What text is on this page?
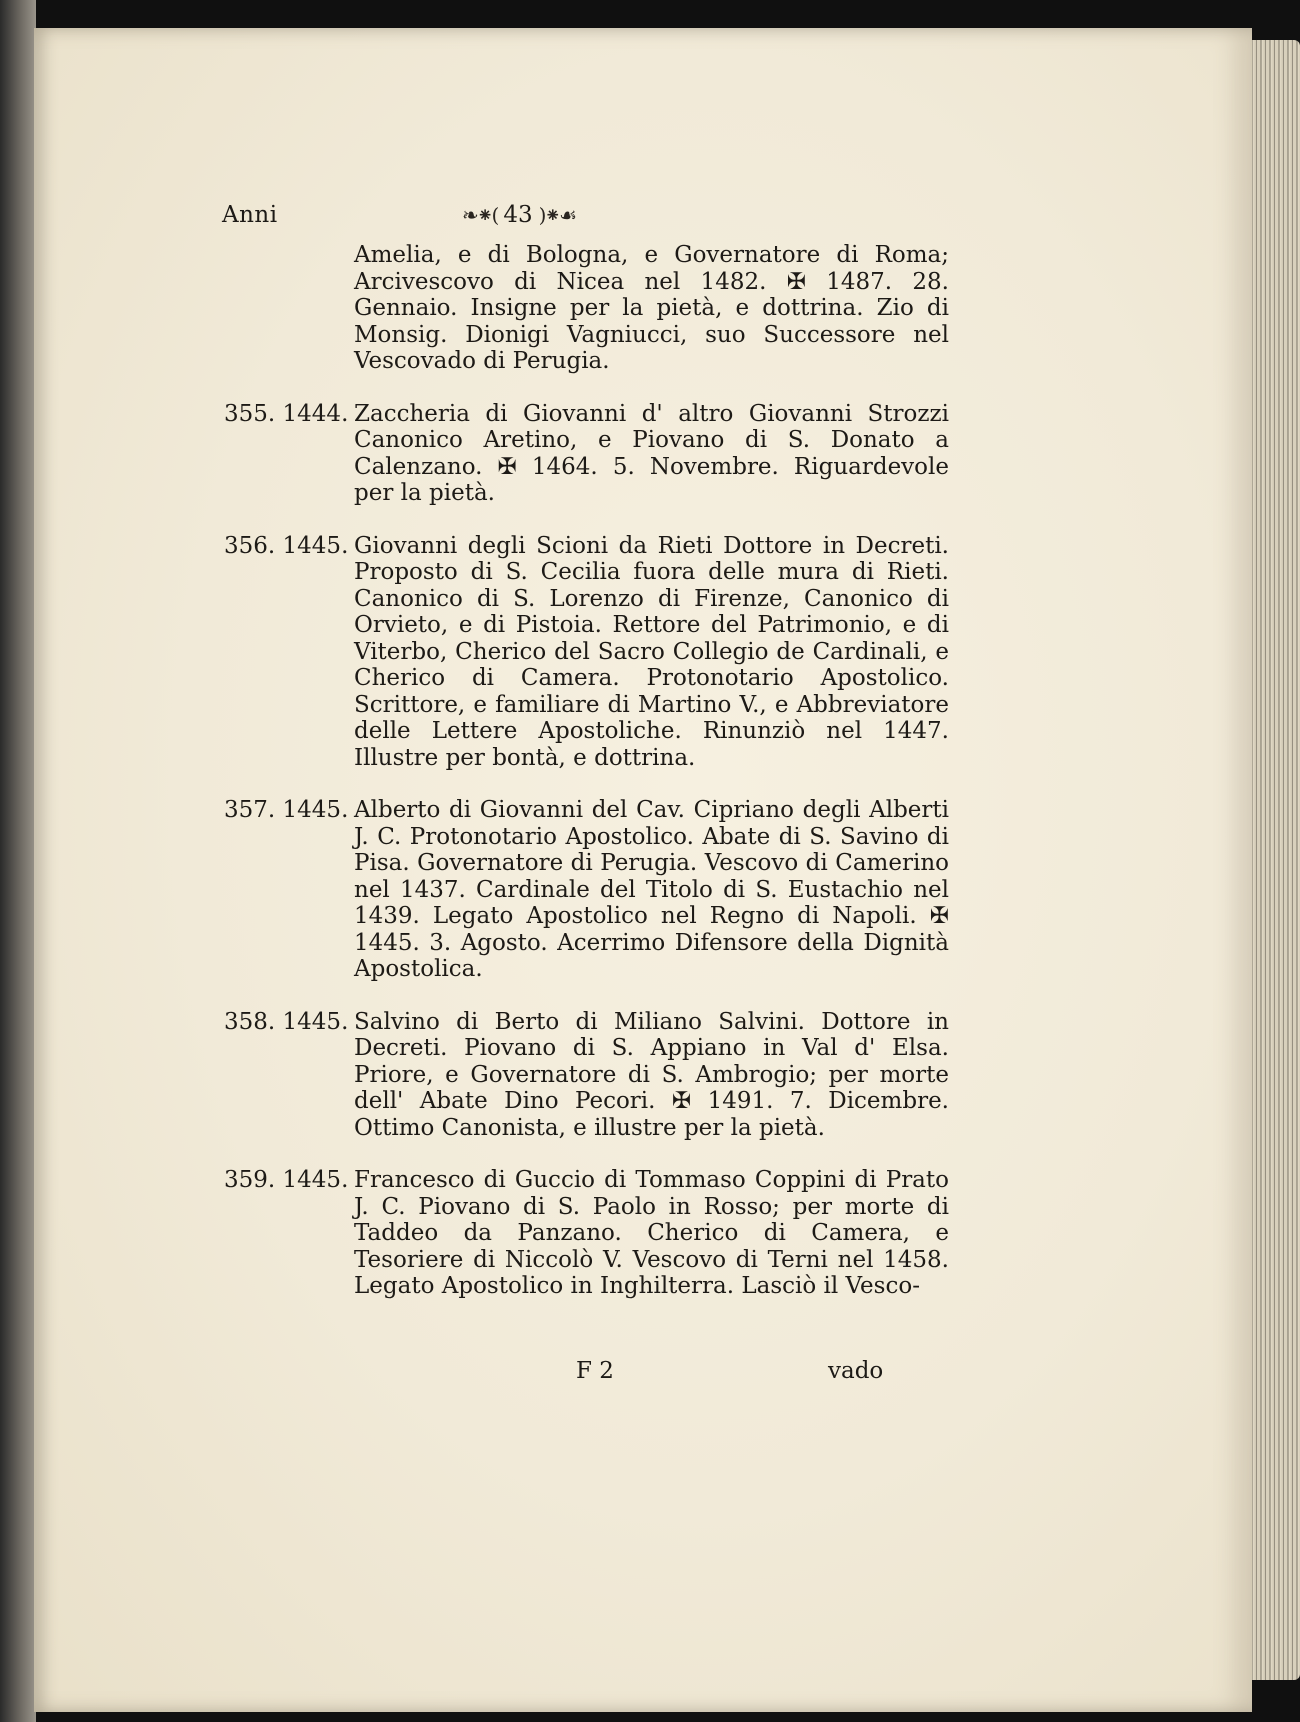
Anni	❧⁕( 43 )⁕☙
Amelia, e di Bologna, e Governatore di Roma; Arcivescovo di Nicea nel 1482. ✠ 1487. 28. Gennaio. Insigne per la pietà, e dottrina. Zio di Monsig. Dionigi Vagniucci, suo Successore nel Vescovado di Perugia.
355. 1444. Zaccheria di Giovanni d' altro Giovanni Strozzi Canonico Aretino, e Piovano di S. Donato a Calenzano. ✠ 1464. 5. Novembre. Riguardevole per la pietà.
356. 1445. Giovanni degli Scioni da Rieti Dottore in Decreti. Proposto di S. Cecilia fuora delle mura di Rieti. Canonico di S. Lorenzo di Firenze, Canonico di Orvieto, e di Pistoia. Rettore del Patrimonio, e di Viterbo, Cherico del Sacro Collegio de Cardinali, e Cherico di Camera. Protonotario Apostolico. Scrittore, e familiare di Martino V., e Abbreviatore delle Lettere Apostoliche. Rinunziò nel 1447. Illustre per bontà, e dottrina.
357. 1445. Alberto di Giovanni del Cav. Cipriano degli Alberti J. C. Protonotario Apostolico. Abate di S. Savino di Pisa. Governatore di Perugia. Vescovo di Camerino nel 1437. Cardinale del Titolo di S. Eustachio nel 1439. Legato Apostolico nel Regno di Napoli. ✠ 1445. 3. Agosto. Acerrimo Difensore della Dignità Apostolica.
358. 1445. Salvino di Berto di Miliano Salvini. Dottore in Decreti. Piovano di S. Appiano in Val d' Elsa. Priore, e Governatore di S. Ambrogio; per morte dell' Abate Dino Pecori. ✠ 1491. 7. Dicembre. Ottimo Canonista, e illustre per la pietà.
359. 1445. Francesco di Guccio di Tommaso Coppini di Prato J. C. Piovano di S. Paolo in Rosso; per morte di Taddeo da Panzano. Cherico di Camera, e Tesoriere di Niccolò V. Vescovo di Terni nel 1458. Legato Apostolico in Inghilterra. Lasciò il Vesco-
F 2	vado
